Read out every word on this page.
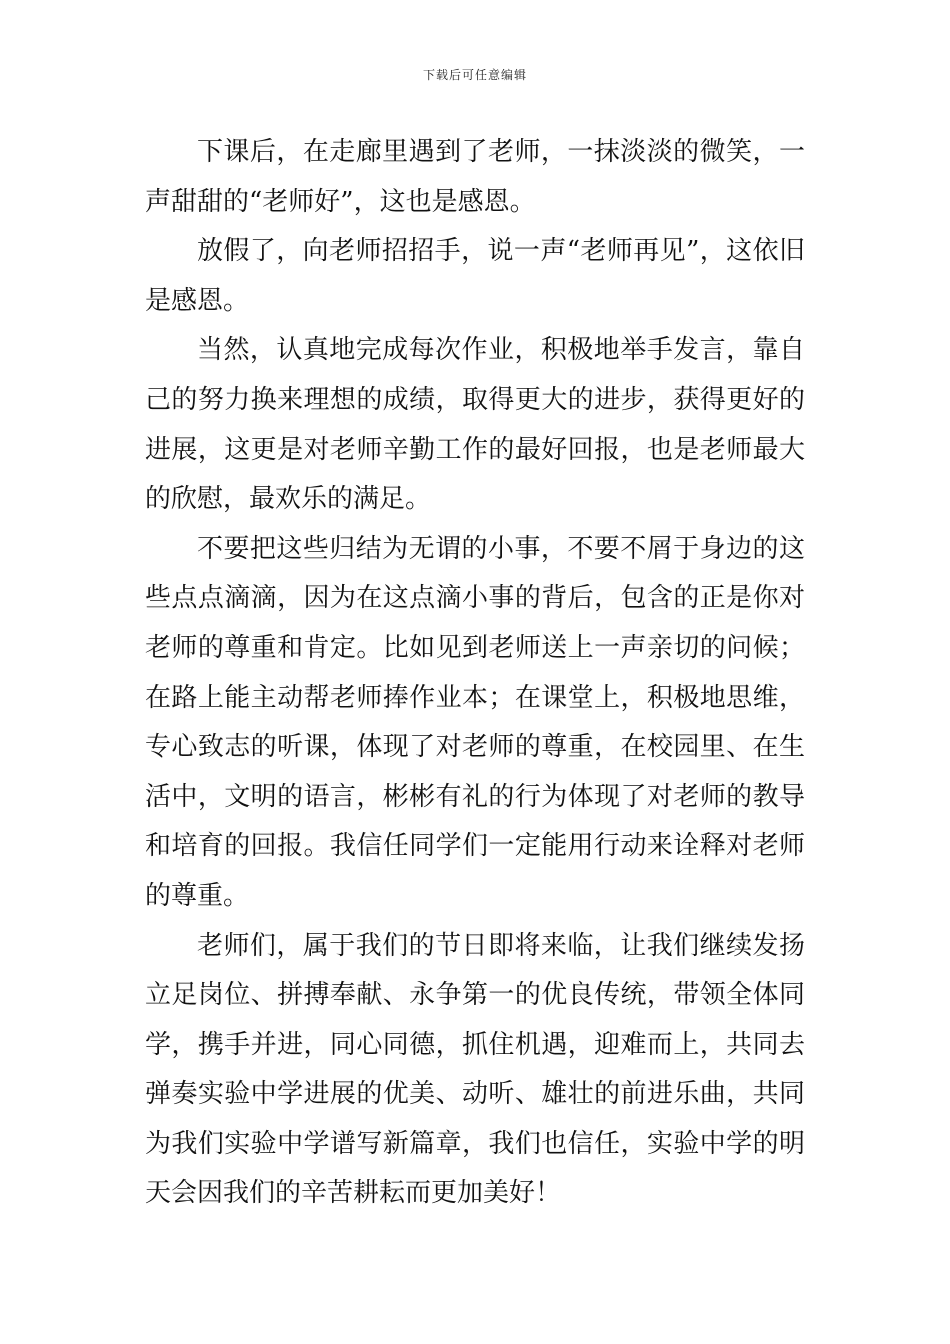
下载后可任意编辑

下课后，在走廊里遇到了老师，一抹淡淡的微笑，一声甜甜的“老师好”，这也是感恩。

放假了，向老师招招手，说一声“老师再见”，这依旧是感恩。

当然，认真地完成每次作业，积极地举手发言，靠自己的努力换来理想的成绩，取得更大的进步，获得更好的进展，这更是对老师辛勤工作的最好回报，也是老师最大的欣慰，最欢乐的满足。

不要把这些归结为无谓的小事，不要不屑于身边的这些点点滴滴，因为在这点滴小事的背后，包含的正是你对老师的尊重和肯定。比如见到老师送上一声亲切的问候；在路上能主动帮老师捧作业本；在课堂上，积极地思维，专心致志的听课，体现了对老师的尊重，在校园里、在生活中，文明的语言，彬彬有礼的行为体现了对老师的教导和培育的回报。我信任同学们一定能用行动来诠释对老师的尊重。

老师们，属于我们的节日即将来临，让我们继续发扬立足岗位、拼搏奉献、永争第一的优良传统，带领全体同学，携手并进，同心同德，抓住机遇，迎难而上，共同去弹奏实验中学进展的优美、动听、雄壮的前进乐曲，共同为我们实验中学谱写新篇章，我们也信任，实验中学的明天会因我们的辛苦耕耘而更加美好！
